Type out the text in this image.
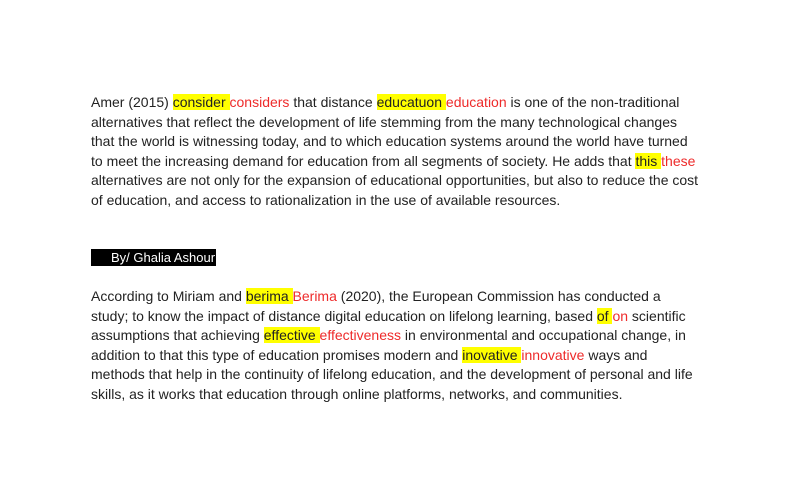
Amer (2015) consider considers that distance educatuon education is one of the non-traditional alternatives that reflect the development of life stemming from the many technological changes that the world is witnessing today, and to which education systems around the world have turned to meet the increasing demand for education from all segments of society. He adds that this these alternatives are not only for the expansion of educational opportunities, but also to reduce the cost of education, and access to rationalization in the use of available resources.

By/ Ghalia Ashour

According to Miriam and berima Berima (2020), the European Commission has conducted a study; to know the impact of distance digital education on lifelong learning, based of on scientific assumptions that achieving effective effectiveness in environmental and occupational change, in addition to that this type of education promises modern and inovative innovative ways and methods that help in the continuity of lifelong education, and the development of personal and life skills, as it works that education through online platforms, networks, and communities.
